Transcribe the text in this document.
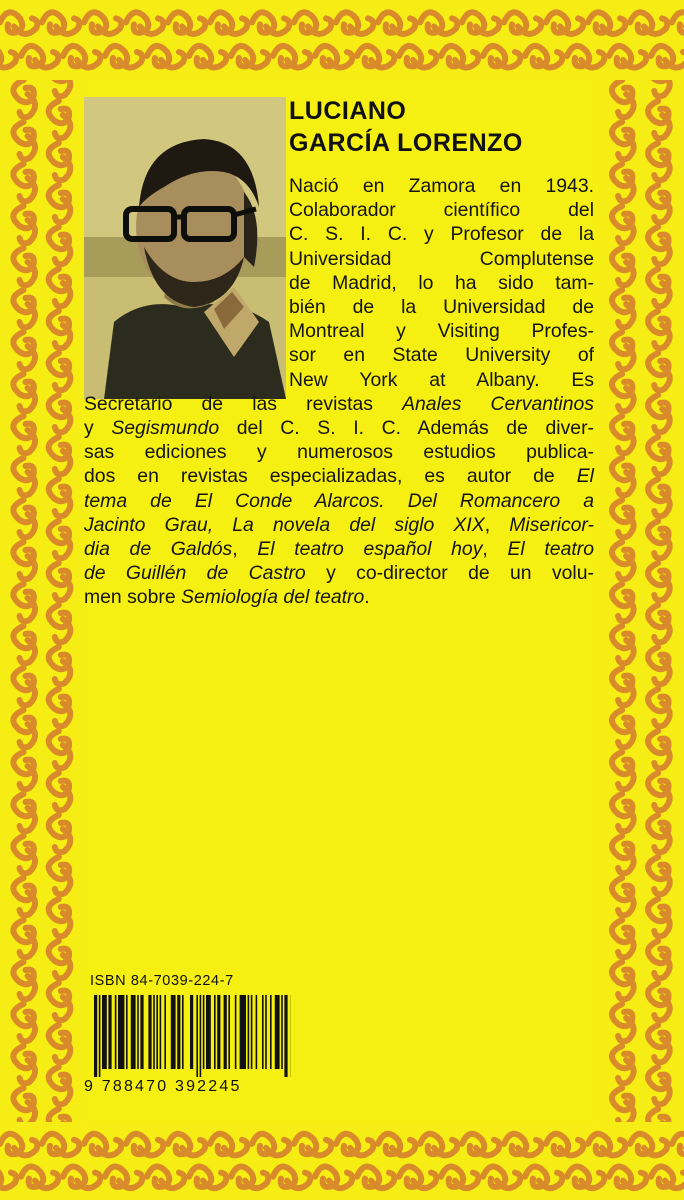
LUCIANO
GARCÍA LORENZO
Nació en Zamora en 1943.
Colaborador científico del
C. S. I. C. y Profesor de la
Universidad Complutense
de Madrid, lo ha sido tam-
bién de la Universidad de
Montreal y Visiting Profes-
sor en State University of
New York at Albany. Es
Secretario de las revistas Anales Cervantinos
y Segismundo del C. S. I. C. Además de diver-
sas ediciones y numerosos estudios publica-
dos en revistas especializadas, es autor de El
tema de El Conde Alarcos. Del Romancero a
Jacinto Grau, La novela del siglo XIX, Misericor-
dia de Galdós, El teatro español hoy, El teatro
de Guillén de Castro y co-director de un volu-
men sobre Semiología del teatro.
ISBN 84-7039-224-7
9 788470 392245
